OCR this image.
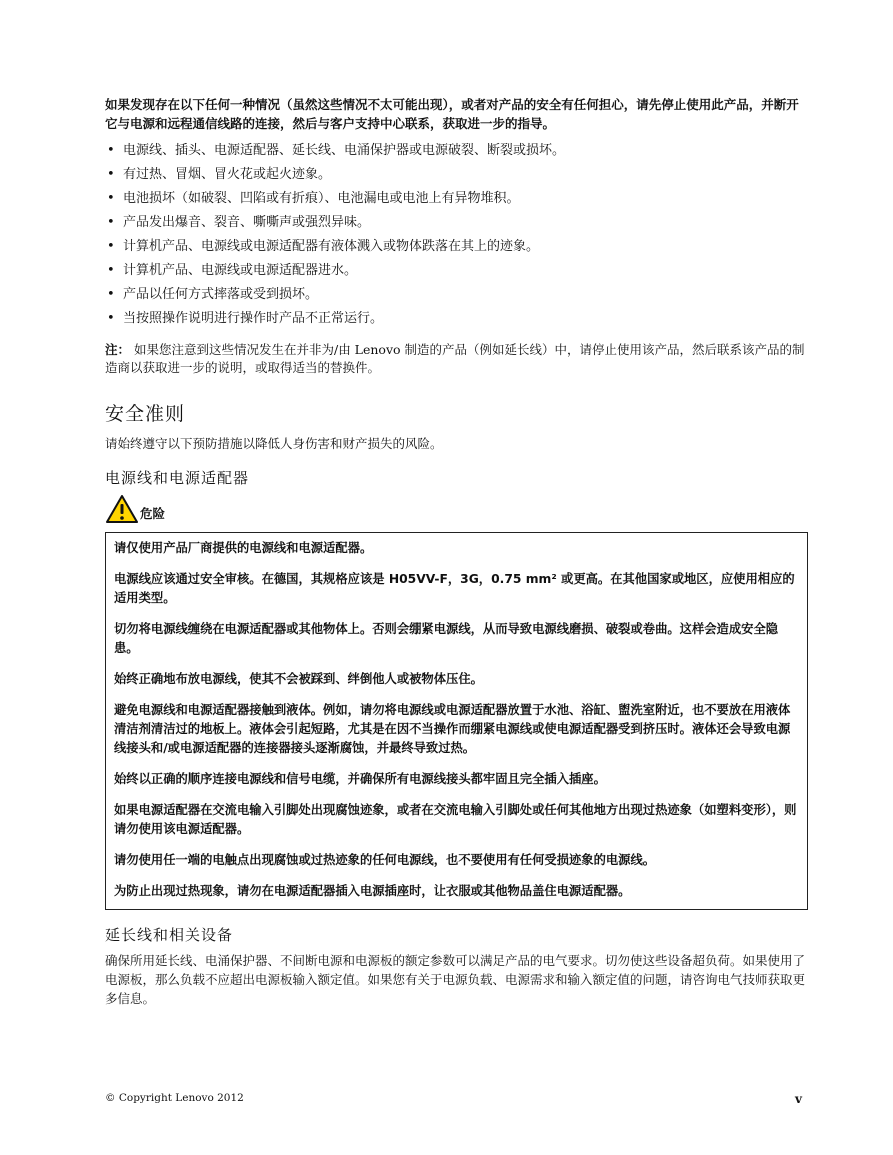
如果发现存在以下任何一种情况（虽然这些情况不太可能出现），或者对产品的安全有任何担心，请先停止使用此产品，并断开它与电源和远程通信线路的连接，然后与客户支持中心联系，获取进一步的指导。

• 电源线、插头、电源适配器、延长线、电涌保护器或电源破裂、断裂或损坏。
• 有过热、冒烟、冒火花或起火迹象。
• 电池损坏（如破裂、凹陷或有折痕）、电池漏电或电池上有异物堆积。
• 产品发出爆音、裂音、嘶嘶声或强烈异味。
• 计算机产品、电源线或电源适配器有液体溅入或物体跌落在其上的迹象。
• 计算机产品、电源线或电源适配器进水。
• 产品以任何方式摔落或受到损坏。
• 当按照操作说明进行操作时产品不正常运行。

注： 如果您注意到这些情况发生在并非为/由 Lenovo 制造的产品（例如延长线）中，请停止使用该产品，然后联系该产品的制造商以获取进一步的说明，或取得适当的替换件。

安全准则

请始终遵守以下预防措施以降低人身伤害和财产损失的风险。

电源线和电源适配器
危险

请仅使用产品厂商提供的电源线和电源适配器。

电源线应该通过安全审核。在德国，其规格应该是 H05VV-F，3G，0.75 mm² 或更高。在其他国家或地区，应使用相应的适用类型。

切勿将电源线缠绕在电源适配器或其他物体上。否则会绷紧电源线，从而导致电源线磨损、破裂或卷曲。这样会造成安全隐患。

始终正确地布放电源线，使其不会被踩到、绊倒他人或被物体压住。

避免电源线和电源适配器接触到液体。例如，请勿将电源线或电源适配器放置于水池、浴缸、盥洗室附近，也不要放在用液体清洁剂清洁过的地板上。液体会引起短路，尤其是在因不当操作而绷紧电源线或使电源适配器受到挤压时。液体还会导致电源线接头和/或电源适配器的连接器接头逐渐腐蚀，并最终导致过热。

始终以正确的顺序连接电源线和信号电缆，并确保所有电源线接头都牢固且完全插入插座。

如果电源适配器在交流电输入引脚处出现腐蚀迹象，或者在交流电输入引脚处或任何其他地方出现过热迹象（如塑料变形），则请勿使用该电源适配器。

请勿使用任一端的电触点出现腐蚀或过热迹象的任何电源线，也不要使用有任何受损迹象的电源线。

为防止出现过热现象，请勿在电源适配器插入电源插座时，让衣服或其他物品盖住电源适配器。

延长线和相关设备

确保所用延长线、电涌保护器、不间断电源和电源板的额定参数可以满足产品的电气要求。切勿使这些设备超负荷。如果使用了电源板，那么负载不应超出电源板输入额定值。如果您有关于电源负载、电源需求和输入额定值的问题，请咨询电气技师获取更多信息。

© Copyright Lenovo 2012	v
